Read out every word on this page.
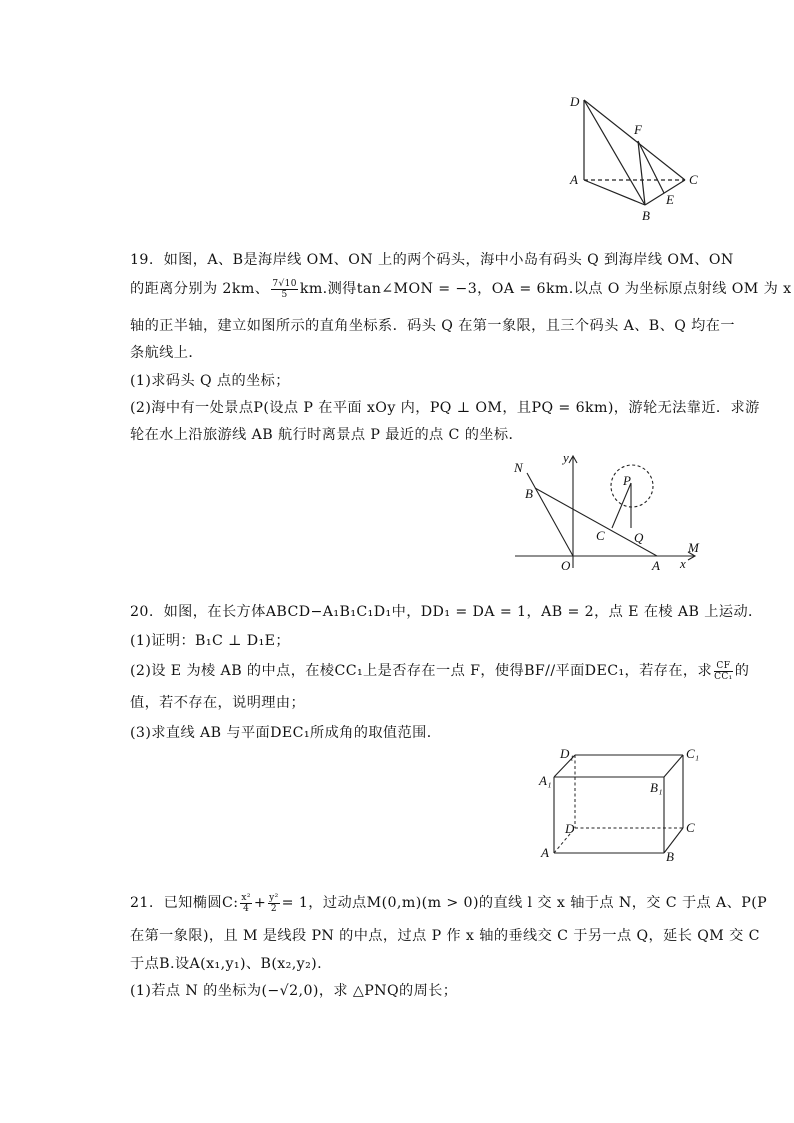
D
F
A	C
E
B
19. 如图，A、B是海岸线 OM、ON 上的两个码头，海中小岛有码头 Q 到海岸线 OM、ON
的距离分别为 2km、 $\frac{7√10}{5}$ km.测得tan∠MON = −3，OA = 6km.以点 O 为坐标原点射线 OM 为 x
轴的正半轴，建立如图所示的直角坐标系．码头 Q 在第一象限，且三个码头 A、B、Q 均在一
条航线上．
(1)求码头 Q 点的坐标；
(2)海中有一处景点P(设点 P 在平面 xOy 内，PQ ⊥ OM，且PQ = 6km)，游轮无法靠近．求游
轮在水上沿旅游线 AB 航行时离景点 P 最近的点 C 的坐标．
N
y
M
B
P
C Q
O	A x
20. 如图，在长方体ABCD−A₁B₁C₁D₁中，DD₁ = DA = 1，AB = 2，点 E 在棱 AB 上运动．
(1)证明：B₁C ⊥ D₁E；
(2)设 E 为棱 AB 的中点，在棱CC₁上是否存在一点 F，使得BF//平面DEC₁，若存在，求 $\frac{CF}{\text{CC₁}}$ 的
值，若不存在，说明理由；
(3)求直线 AB 与平面DEC₁所成角的取值范围．
D₁	C₁
A₁	B₁
D	C
A	B
21. 已知椭圆C: $\frac{\text{x²}}{4} + \frac{\text{y²}}{2} = 1$，过动点M(0,m)(m > 0)的直线 l 交 x 轴于点 N，交 C 于点 A、P(P
在第一象限)，且 M 是线段 PN 的中点，过点 P 作 x 轴的垂线交 C 于另一点 Q，延长 QM 交 C
于点B.设A(x₁,y₁)、B(x₂,y₂).
(1)若点 N 的坐标为(−√2,0)，求 △PNQ的周长；
